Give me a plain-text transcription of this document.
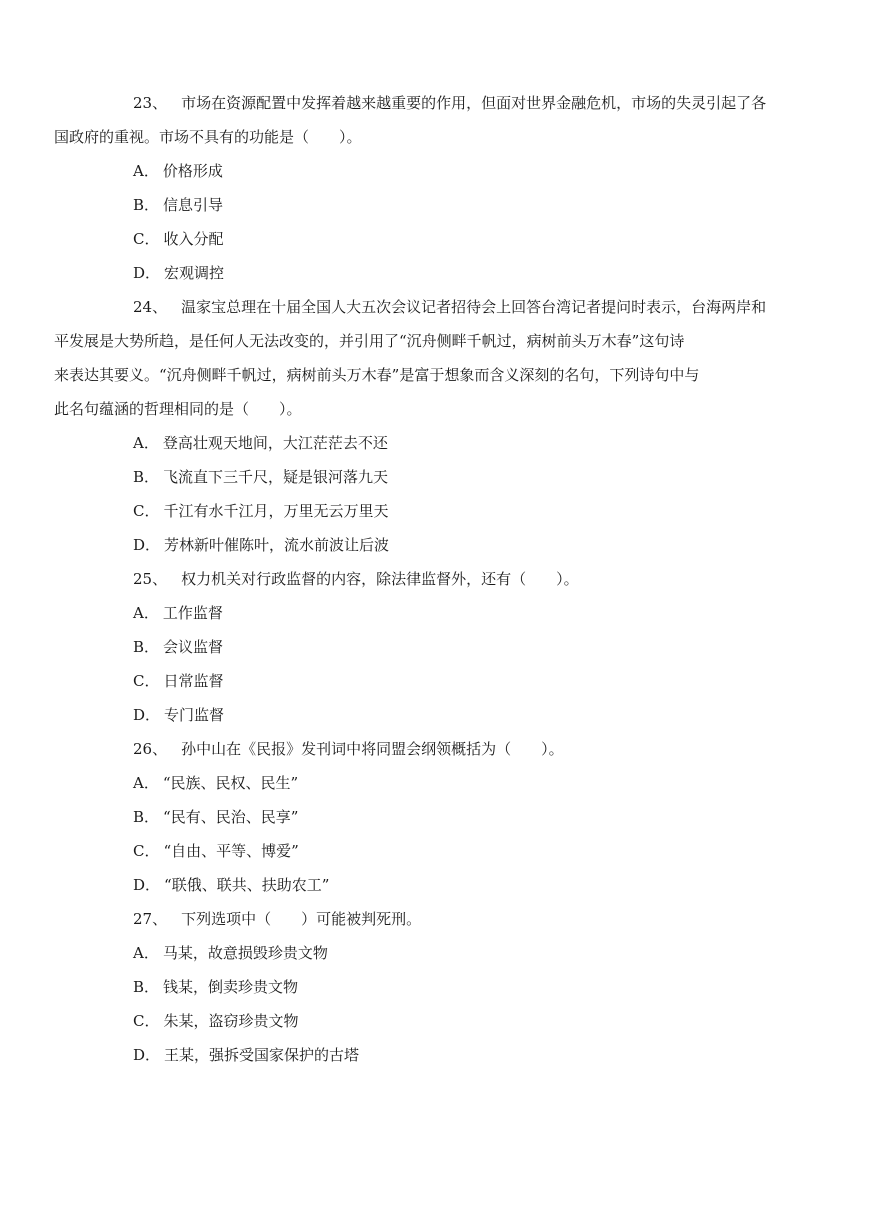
23、 市场在资源配置中发挥着越来越重要的作用，但面对世界金融危机，市场的失灵引起了各
国政府的重视。市场不具有的功能是（　　）。

A． 价格形成

B． 信息引导

C． 收入分配

D． 宏观调控

24、 温家宝总理在十届全国人大五次会议记者招待会上回答台湾记者提问时表示，台海两岸和
平发展是大势所趋，是任何人无法改变的，并引用了“沉舟侧畔千帆过，病树前头万木春”这句诗
来表达其要义。“沉舟侧畔千帆过，病树前头万木春”是富于想象而含义深刻的名句，下列诗句中与
此名句蕴涵的哲理相同的是（　　）。

A． 登高壮观天地间，大江茫茫去不还

B． 飞流直下三千尺，疑是银河落九天

C． 千江有水千江月，万里无云万里天

D． 芳林新叶催陈叶，流水前波让后波

25、 权力机关对行政监督的内容，除法律监督外，还有（　　）。

A． 工作监督

B． 会议监督

C． 日常监督

D． 专门监督

26、 孙中山在《民报》发刊词中将同盟会纲领概括为（　　）。

A． “民族、民权、民生”

B． “民有、民治、民享”

C． “自由、平等、博爱”

D． “联俄、联共、扶助农工”

27、 下列选项中（　　）可能被判死刑。

A． 马某，故意损毁珍贵文物

B． 钱某，倒卖珍贵文物

C． 朱某，盗窃珍贵文物

D． 王某，强拆受国家保护的古塔
